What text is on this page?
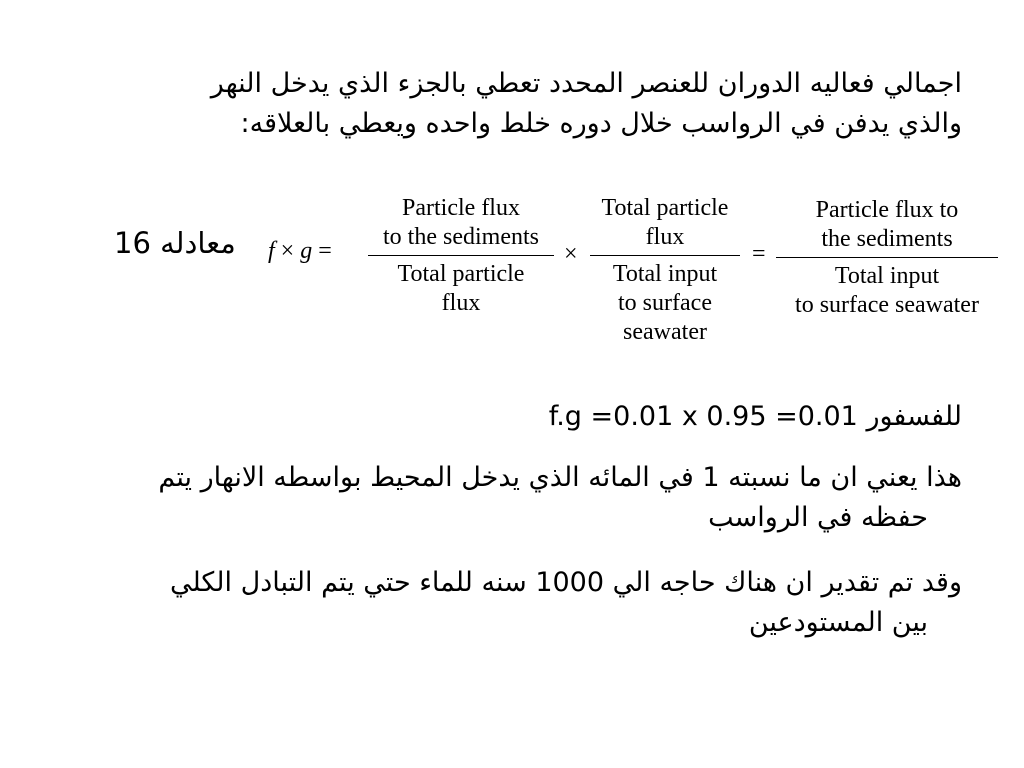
اجمالي فعاليه الدوران للعنصر المحدد تعطي بالجزء الذي يدخل النهر
والذي يدفن في الرواسب خلال دوره خلط واحده ويعطي بالعلاقه:
معادله 16 f × g =
Particle flux
to the sediments
Total particle
flux
×
Total particle
flux
Total input
to surface
seawater
=
Particle flux to
the sediments
Total input
to surface seawater
للفسفور f.g =0.01 x 0.95 =0.01
هذا يعني ان ما نسبته 1 في المائه الذي يدخل المحيط بواسطه الانهار يتم
حفظه في الرواسب
وقد تم تقدير ان هناك حاجه الي 1000 سنه للماء حتي يتم التبادل الكلي
بين المستودعين
